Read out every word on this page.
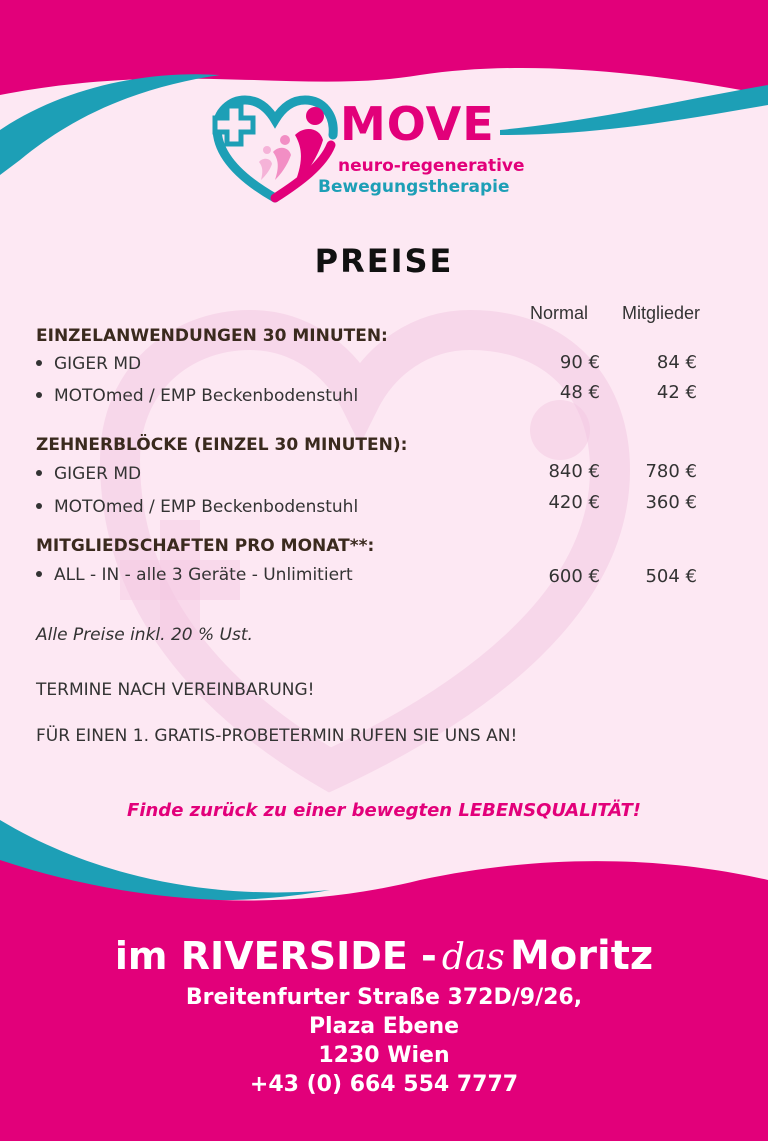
MOVE
neuro-regenerative
Bewegungstherapie
PREISE
Normal Mitglieder
EINZELANWENDUNGEN 30 MINUTEN:
GIGER MD	90 €	84 €
MOTOmed / EMP Beckenbodenstuhl	48 €	42 €
ZEHNERBLÖCKE (EINZEL 30 MINUTEN):
GIGER MD	840 €	780 €
MOTOmed / EMP Beckenbodenstuhl	420 €	360 €
MITGLIEDSCHAFTEN PRO MONAT**:
ALL - IN - alle 3 Geräte - Unlimitiert	600 €	504 €
Alle Preise inkl. 20 % Ust.
TERMINE NACH VEREINBARUNG!
FÜR EINEN 1. GRATIS-PROBETERMIN RUFEN SIE UNS AN!
Finde zurück zu einer bewegten LEBENSQUALITÄT!
im RIVERSIDE - das Moritz
Breitenfurter Straße 372D/9/26,
Plaza Ebene
1230 Wien
+43 (0) 664 554 7777
